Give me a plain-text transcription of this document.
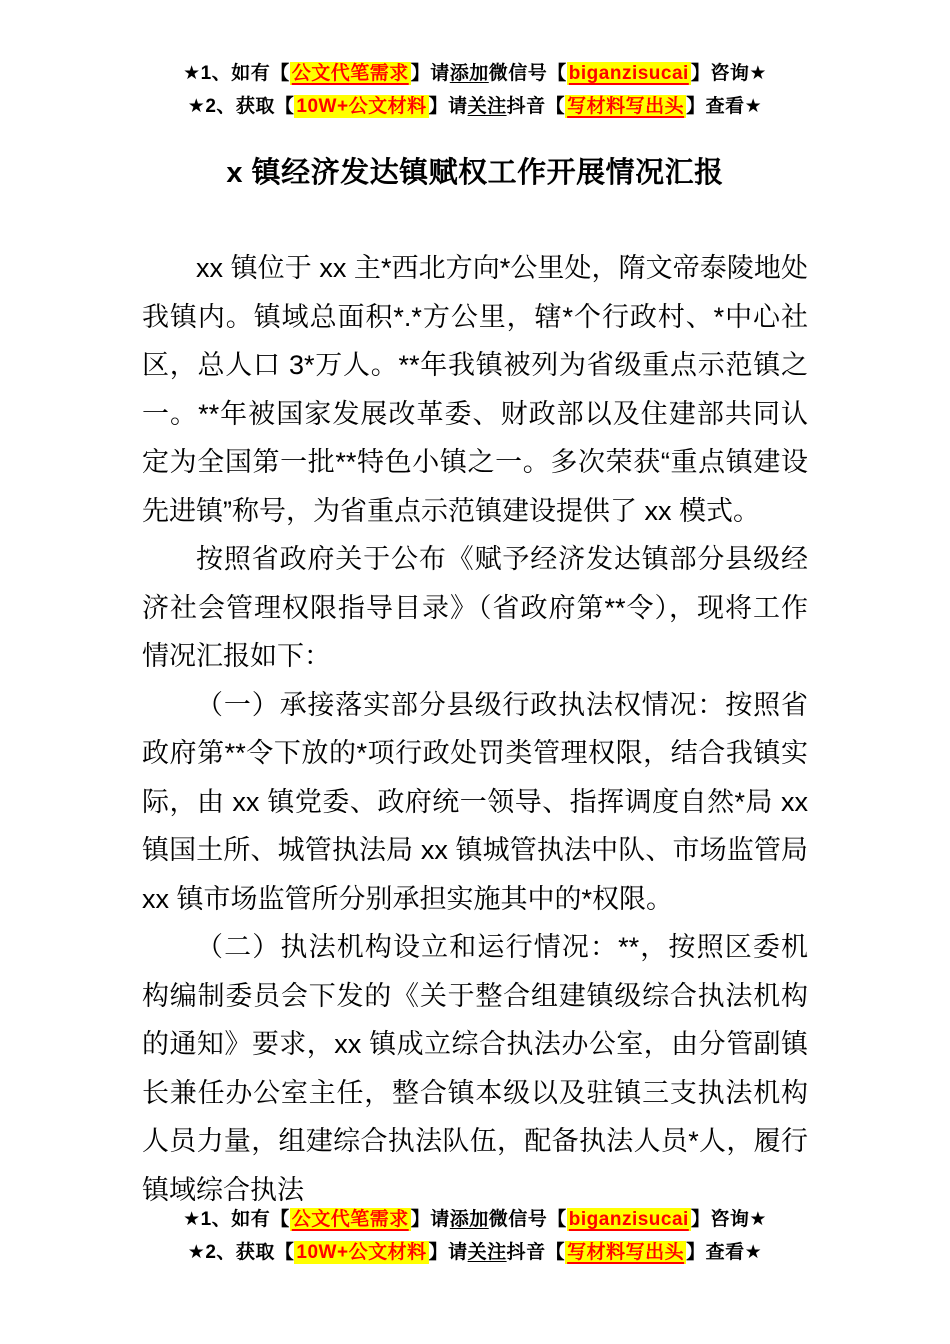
★1、如有【 公文代笔需求 】请添加微信号【 biganzisucai 】咨询★
★2、获取【 10W+公文材料 】请关注抖音【 写材料写出头 】查看★
x 镇经济发达镇赋权工作开展情况汇报

xx 镇位于 xx 主*西北方向*公里处，隋文帝泰陵地处我镇内。镇域总面积*.*方公里，辖*个行政村、*中心社区，总人口 3*万人。**年我镇被列为省级重点示范镇之一。**年被国家发展改革委、财政部以及住建部共同认定为全国第一批**特色小镇之一。多次荣获“重点镇建设先进镇”称号，为省重点示范镇建设提供了 xx 模式。

按照省政府关于公布《赋予经济发达镇部分县级经济社会管理权限指导目录》（省政府第**令），现将工作情况汇报如下：

（一）承接落实部分县级行政执法权情况：按照省政府第**令下放的*项行政处罚类管理权限，结合我镇实际，由 xx 镇党委、政府统一领导、指挥调度自然*局 xx 镇国土所、城管执法局 xx 镇城管执法中队、市场监管局 xx 镇市场监管所分别承担实施其中的*权限。

（二）执法机构设立和运行情况：**，按照区委机构编制委员会下发的《关于整合组建镇级综合执法机构的通知》要求，xx 镇成立综合执法办公室，由分管副镇长兼任办公室主任，整合镇本级以及驻镇三支执法机构人员力量，组建综合执法队伍，配备执法人员*人，履行镇域综合执法

★1、如有【 公文代笔需求 】请添加微信号【 biganzisucai 】咨询★
★2、获取【 10W+公文材料 】请关注抖音【 写材料写出头 】查看★
